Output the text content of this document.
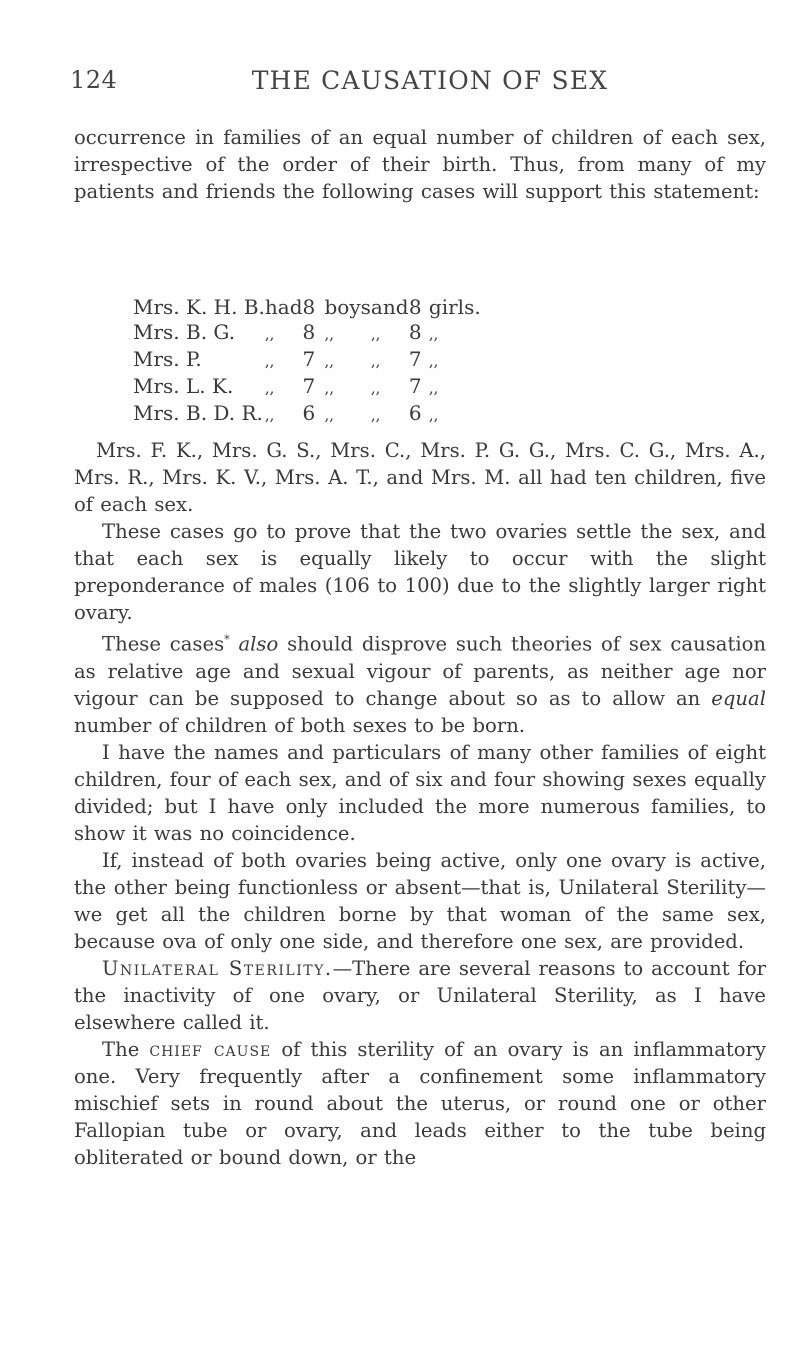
124	THE CAUSATION OF SEX

occurrence in families of an equal number of children of each sex, irrespective of the order of their birth. Thus, from many of my patients and friends the following cases will support this statement:

Mrs. K. H. B.	had	8	boys	and	8	girls.
Mrs. B. G.	,,	8	,,	,,	8	,,
Mrs. P.	,,	7	,,	,,	7	,,
Mrs. L. K.	,,	7	,,	,,	7	,,
Mrs. B. D. R.	,,	6	,,	,,	6	,,

Mrs. F. K., Mrs. G. S., Mrs. C., Mrs. P. G. G., Mrs. C. G., Mrs. A., Mrs. R., Mrs. K. V., Mrs. A. T., and Mrs. M. all had ten children, five of each sex.

These cases go to prove that the two ovaries settle the sex, and that each sex is equally likely to occur with the slight preponderance of males (106 to 100) due to the slightly larger right ovary.

These cases* also should disprove such theories of sex causation as relative age and sexual vigour of parents, as neither age nor vigour can be supposed to change about so as to allow an equal number of children of both sexes to be born.

I have the names and particulars of many other families of eight children, four of each sex, and of six and four showing sexes equally divided; but I have only included the more numerous families, to show it was no coincidence.

If, instead of both ovaries being active, only one ovary is active, the other being functionless or absent—that is, Unilateral Sterility—we get all the children borne by that woman of the same sex, because ova of only one side, and therefore one sex, are provided.

Unilateral Sterility.—There are several reasons to account for the inactivity of one ovary, or Unilateral Sterility, as I have elsewhere called it.

The chief cause of this sterility of an ovary is an inflammatory one. Very frequently after a confinement some inflammatory mischief sets in round about the uterus, or round one or other Fallopian tube or ovary, and leads either to the tube being obliterated or bound down, or the
